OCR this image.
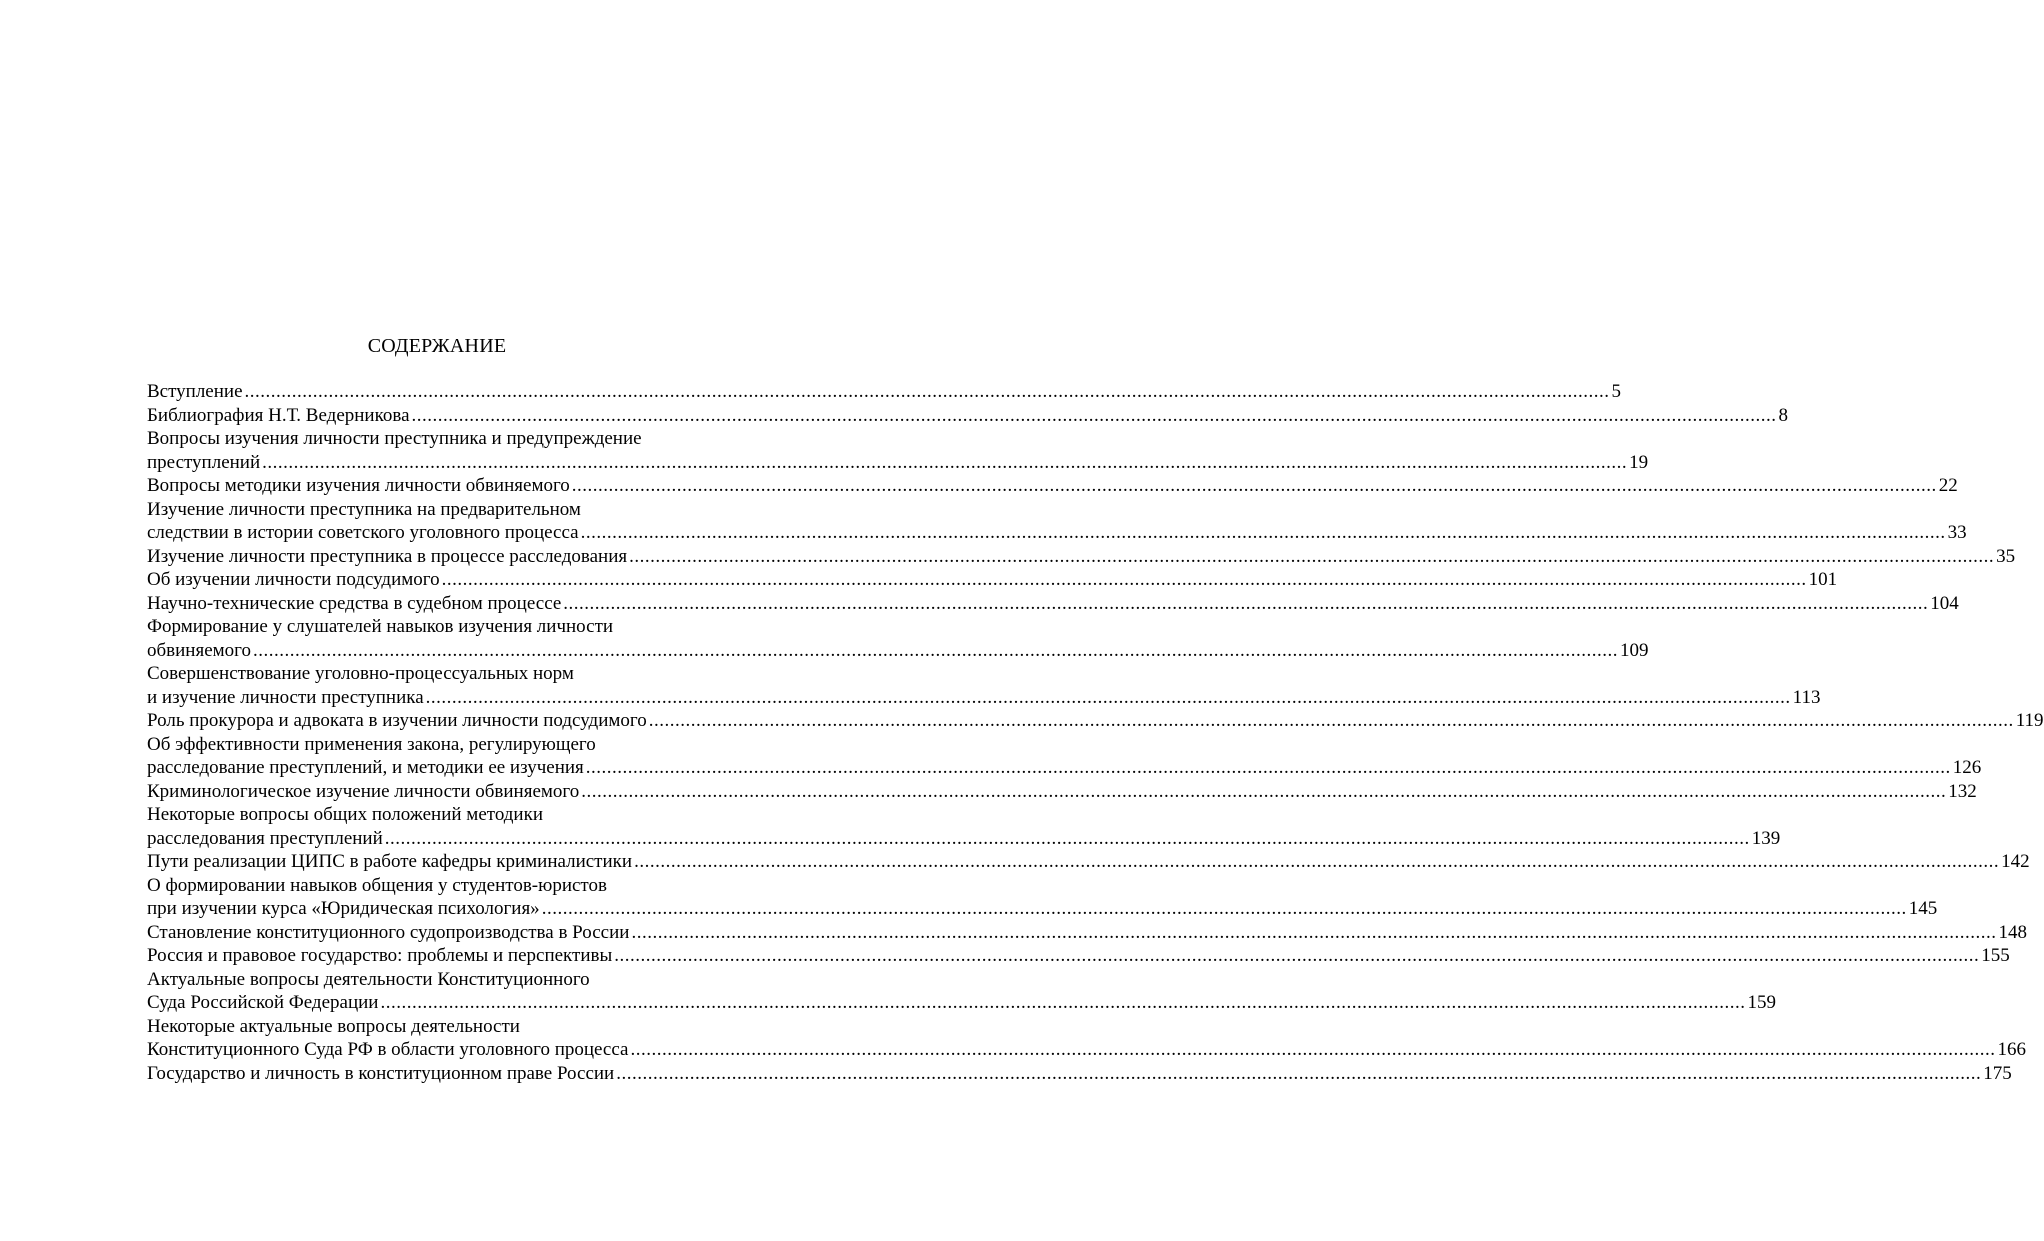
СОДЕРЖАНИЕ
Вступление .................................................................................................................................................................................................................................................................... 5
Библиография Н.Т. Ведерникова .................................................................................................................................................................................................................................................................... 8
Вопросы изучения личности преступника и предупреждение
преступлений .................................................................................................................................................................................................................................................................... 19
Вопросы методики изучения личности обвиняемого .................................................................................................................................................................................................................................................................... 22
Изучение личности преступника на предварительном
следствии в истории советского уголовного процесса .................................................................................................................................................................................................................................................................... 33
Изучение личности преступника в процессе расследования .................................................................................................................................................................................................................................................................... 35
Об изучении личности подсудимого .................................................................................................................................................................................................................................................................... 101
Научно-технические средства в судебном процессе .................................................................................................................................................................................................................................................................... 104
Формирование у слушателей навыков изучения личности
обвиняемого .................................................................................................................................................................................................................................................................... 109
Совершенствование уголовно-процессуальных норм
и изучение личности преступника .................................................................................................................................................................................................................................................................... 113
Роль прокурора и адвоката в изучении личности подсудимого .................................................................................................................................................................................................................................................................... 119
Об эффективности применения закона, регулирующего
расследование преступлений, и методики ее изучения .................................................................................................................................................................................................................................................................... 126
Криминологическое изучение личности обвиняемого .................................................................................................................................................................................................................................................................... 132
Некоторые вопросы общих положений методики
расследования преступлений .................................................................................................................................................................................................................................................................... 139
Пути реализации ЦИПС в работе кафедры криминалистики .................................................................................................................................................................................................................................................................... 142
О формировании навыков общения у студентов-юристов
при изучении курса «Юридическая психология» .................................................................................................................................................................................................................................................................... 145
Становление конституционного судопроизводства в России .................................................................................................................................................................................................................................................................... 148
Россия и правовое государство: проблемы и перспективы .................................................................................................................................................................................................................................................................... 155
Актуальные вопросы деятельности Конституционного
Суда Российской Федерации .................................................................................................................................................................................................................................................................... 159
Некоторые актуальные вопросы деятельности
Конституционного Суда РФ в области уголовного процесса .................................................................................................................................................................................................................................................................... 166
Государство и личность в конституционном праве России .................................................................................................................................................................................................................................................................... 175
